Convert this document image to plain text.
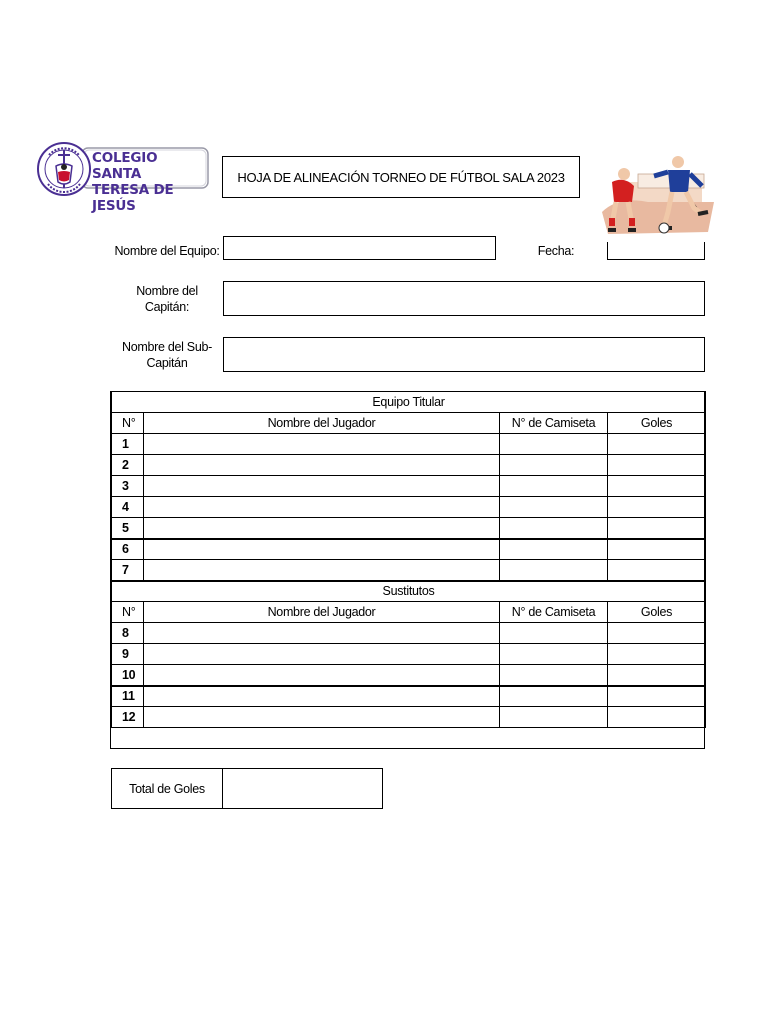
COLEGIO SANTA
TERESA DE JESÚS
HOJA DE ALINEACIÓN TORNEO DE FÚTBOL SALA 2023
Nombre del Equipo:	Fecha:
Nombre del
Capitán:
Nombre del Sub-
Capitán
Equipo Titular			
N°	Nombre del Jugador	N° de Camiseta	Goles
1			
2			
3			
4			
5			
6			
7			
Sustitutos			
N°	Nombre del Jugador	N° de Camiseta	Goles
8			
9			
10			
11			
12			
Total de Goles
